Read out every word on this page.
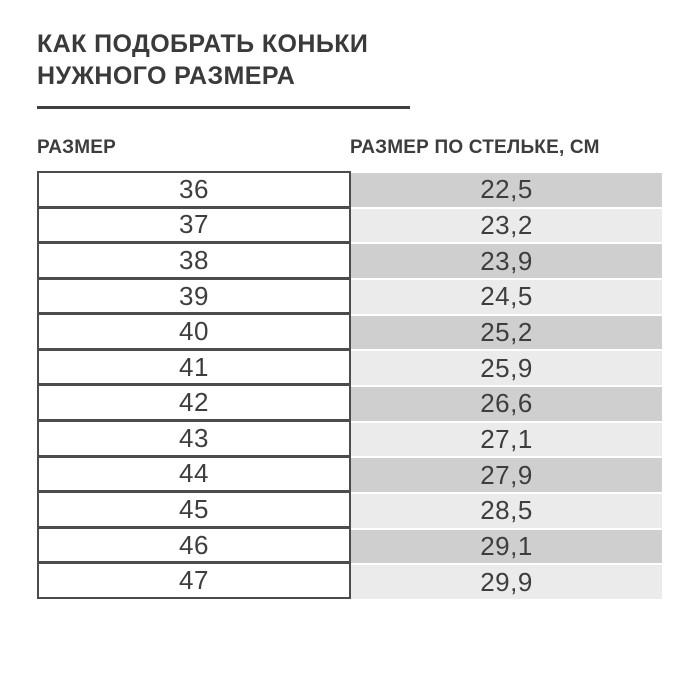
КАК ПОДОБРАТЬ КОНЬКИ
НУЖНОГО РАЗМЕРА
РАЗМЕР	РАЗМЕР ПО СТЕЛЬКЕ, СМ
36
37
38
39
40
41
42
43
44
45
46
47
22,5
23,2
23,9
24,5
25,2
25,9
26,6
27,1
27,9
28,5
29,1
29,9
